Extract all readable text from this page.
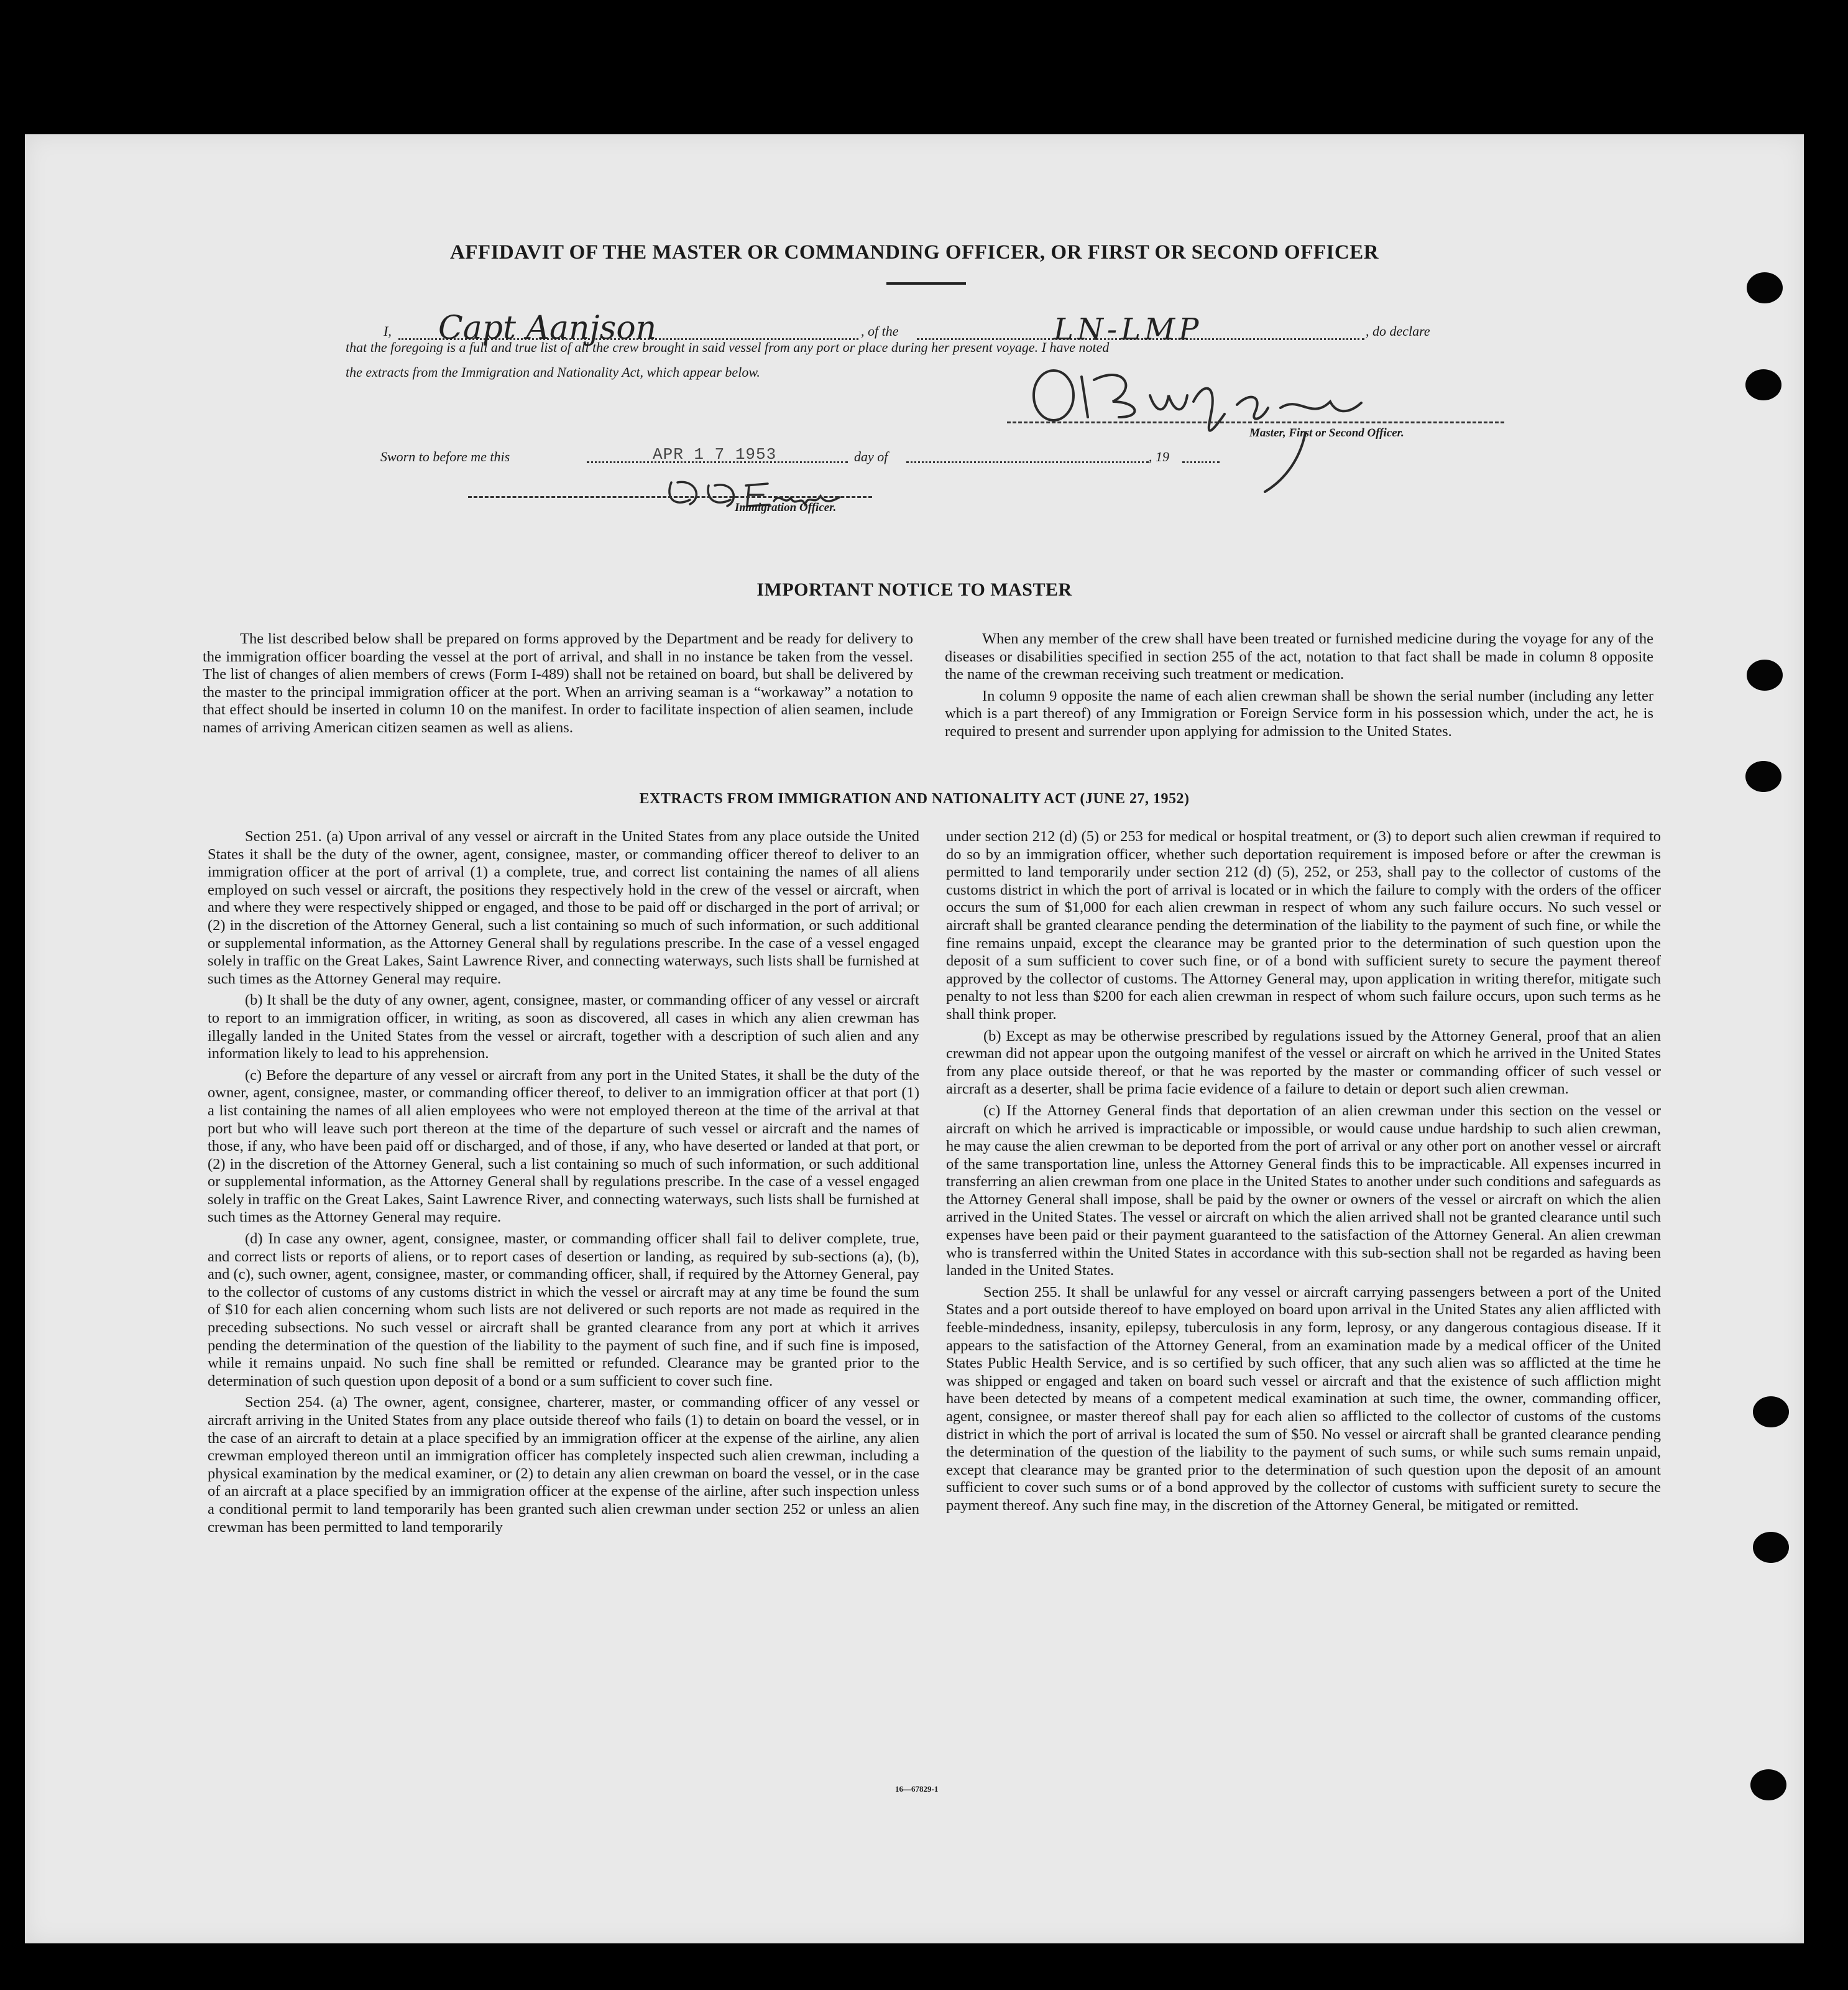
AFFIDAVIT OF THE MASTER OR COMMANDING OFFICER, OR FIRST OR SECOND OFFICER
I, Capt Aanjson	, of the	LN-LMP	, do declare
that the foregoing is a full and true list of all the crew brought in said vessel from any port or place during her present voyage. I have noted
the extracts from the Immigration and Nationality Act, which appear below.
Master, First or Second Officer.
Sworn to before me this	APR 1 7 1953	day of	, 19
Immigration Officer.
IMPORTANT NOTICE TO MASTER

The list described below shall be prepared on forms approved by the Department and be ready for delivery to the immigration officer boarding the vessel at the port of arrival, and shall in no instance be taken from the vessel. The list of changes of alien members of crews (Form I-489) shall not be retained on board, but shall be delivered by the master to the principal immigration officer at the port. When an arriving seaman is a “workaway” a notation to that effect should be inserted in column 10 on the manifest. In order to facilitate inspection of alien seamen, include names of arriving American citizen seamen as well as aliens.

When any member of the crew shall have been treated or furnished medicine during the voyage for any of the diseases or disabilities specified in section 255 of the act, notation to that fact shall be made in column 8 opposite the name of the crewman receiving such treatment or medication.

In column 9 opposite the name of each alien crewman shall be shown the serial number (including any letter which is a part thereof) of any Immigration or Foreign Service form in his possession which, under the act, he is required to present and surrender upon applying for admission to the United States.

EXTRACTS FROM IMMIGRATION AND NATIONALITY ACT (JUNE 27, 1952)

Section 251. (a) Upon arrival of any vessel or aircraft in the United States from any place outside the United States it shall be the duty of the owner, agent, consignee, master, or commanding officer thereof to deliver to an immigration officer at the port of arrival (1) a complete, true, and correct list containing the names of all aliens employed on such vessel or aircraft, the positions they respectively hold in the crew of the vessel or aircraft, when and where they were respectively shipped or engaged, and those to be paid off or discharged in the port of arrival; or (2) in the discretion of the Attorney General, such a list containing so much of such information, or such additional or supplemental information, as the Attorney General shall by regulations prescribe. In the case of a vessel engaged solely in traffic on the Great Lakes, Saint Lawrence River, and connecting waterways, such lists shall be furnished at such times as the Attorney General may require.

(b) It shall be the duty of any owner, agent, consignee, master, or commanding officer of any vessel or aircraft to report to an immigration officer, in writing, as soon as discovered, all cases in which any alien crewman has illegally landed in the United States from the vessel or aircraft, together with a description of such alien and any information likely to lead to his apprehension.

(c) Before the departure of any vessel or aircraft from any port in the United States, it shall be the duty of the owner, agent, consignee, master, or commanding officer thereof, to deliver to an immigration officer at that port (1) a list containing the names of all alien employees who were not employed thereon at the time of the arrival at that port but who will leave such port thereon at the time of the departure of such vessel or aircraft and the names of those, if any, who have been paid off or discharged, and of those, if any, who have deserted or landed at that port, or (2) in the discretion of the Attorney General, such a list containing so much of such information, or such additional or supplemental information, as the Attorney General shall by regulations prescribe. In the case of a vessel engaged solely in traffic on the Great Lakes, Saint Lawrence River, and connecting waterways, such lists shall be furnished at such times as the Attorney General may require.

(d) In case any owner, agent, consignee, master, or commanding officer shall fail to deliver complete, true, and correct lists or reports of aliens, or to report cases of desertion or landing, as required by sub-sections (a), (b), and (c), such owner, agent, consignee, master, or commanding officer, shall, if required by the Attorney General, pay to the collector of customs of any customs district in which the vessel or aircraft may at any time be found the sum of $10 for each alien concerning whom such lists are not delivered or such reports are not made as required in the preceding subsections. No such vessel or aircraft shall be granted clearance from any port at which it arrives pending the determination of the question of the liability to the payment of such fine, and if such fine is imposed, while it remains unpaid. No such fine shall be remitted or refunded. Clearance may be granted prior to the determination of such question upon deposit of a bond or a sum sufficient to cover such fine.

Section 254. (a) The owner, agent, consignee, charterer, master, or commanding officer of any vessel or aircraft arriving in the United States from any place outside thereof who fails (1) to detain on board the vessel, or in the case of an aircraft to detain at a place specified by an immigration officer at the expense of the airline, any alien crewman employed thereon until an immigration officer has completely inspected such alien crewman, including a physical examination by the medical examiner, or (2) to detain any alien crewman on board the vessel, or in the case of an aircraft at a place specified by an immigration officer at the expense of the airline, after such inspection unless a conditional permit to land temporarily has been granted such alien crewman under section 252 or unless an alien crewman has been permitted to land temporarily

under section 212 (d) (5) or 253 for medical or hospital treatment, or (3) to deport such alien crewman if required to do so by an immigration officer, whether such deportation requirement is imposed before or after the crewman is permitted to land temporarily under section 212 (d) (5), 252, or 253, shall pay to the collector of customs of the customs district in which the port of arrival is located or in which the failure to comply with the orders of the officer occurs the sum of $1,000 for each alien crewman in respect of whom any such failure occurs. No such vessel or aircraft shall be granted clearance pending the determination of the liability to the payment of such fine, or while the fine remains unpaid, except the clearance may be granted prior to the determination of such question upon the deposit of a sum sufficient to cover such fine, or of a bond with sufficient surety to secure the payment thereof approved by the collector of customs. The Attorney General may, upon application in writing therefor, mitigate such penalty to not less than $200 for each alien crewman in respect of whom such failure occurs, upon such terms as he shall think proper.

(b) Except as may be otherwise prescribed by regulations issued by the Attorney General, proof that an alien crewman did not appear upon the outgoing manifest of the vessel or aircraft on which he arrived in the United States from any place outside thereof, or that he was reported by the master or commanding officer of such vessel or aircraft as a deserter, shall be prima facie evidence of a failure to detain or deport such alien crewman.

(c) If the Attorney General finds that deportation of an alien crewman under this section on the vessel or aircraft on which he arrived is impracticable or impossible, or would cause undue hardship to such alien crewman, he may cause the alien crewman to be deported from the port of arrival or any other port on another vessel or aircraft of the same transportation line, unless the Attorney General finds this to be impracticable. All expenses incurred in transferring an alien crewman from one place in the United States to another under such conditions and safeguards as the Attorney General shall impose, shall be paid by the owner or owners of the vessel or aircraft on which the alien arrived in the United States. The vessel or aircraft on which the alien arrived shall not be granted clearance until such expenses have been paid or their payment guaranteed to the satisfaction of the Attorney General. An alien crewman who is transferred within the United States in accordance with this sub-section shall not be regarded as having been landed in the United States.

Section 255. It shall be unlawful for any vessel or aircraft carrying passengers between a port of the United States and a port outside thereof to have employed on board upon arrival in the United States any alien afflicted with feeble-mindedness, insanity, epilepsy, tuberculosis in any form, leprosy, or any dangerous contagious disease. If it appears to the satisfaction of the Attorney General, from an examination made by a medical officer of the United States Public Health Service, and is so certified by such officer, that any such alien was so afflicted at the time he was shipped or engaged and taken on board such vessel or aircraft and that the existence of such affliction might have been detected by means of a competent medical examination at such time, the owner, commanding officer, agent, consignee, or master thereof shall pay for each alien so afflicted to the collector of customs of the customs district in which the port of arrival is located the sum of $50. No vessel or aircraft shall be granted clearance pending the determination of the question of the liability to the payment of such sums, or while such sums remain unpaid, except that clearance may be granted prior to the determination of such question upon the deposit of an amount sufficient to cover such sums or of a bond approved by the collector of customs with sufficient surety to secure the payment thereof. Any such fine may, in the discretion of the Attorney General, be mitigated or remitted.

16—67829-1
